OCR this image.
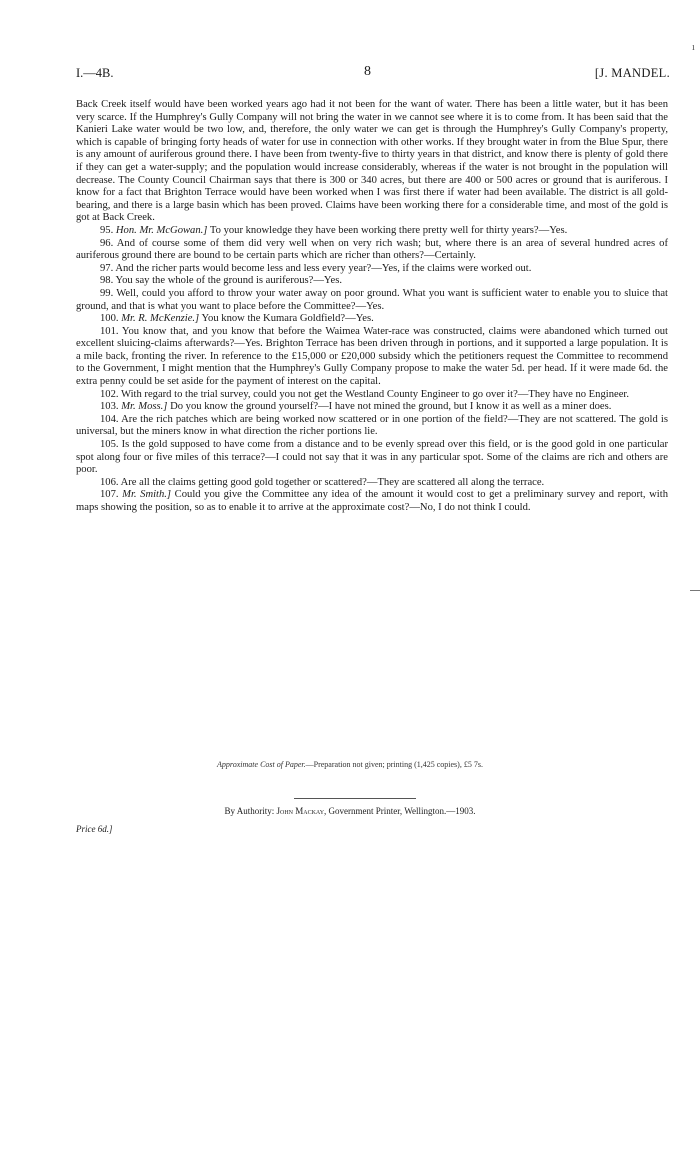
I.—4B.	8	[J. MANDEL.
ı

Back Creek itself would have been worked years ago had it not been for the want of water. There has been a little water, but it has been very scarce. If the Humphrey's Gully Company will not bring the water in we cannot see where it is to come from. It has been said that the Kanieri Lake water would be two low, and, therefore, the only water we can get is through the Humphrey's Gully Company's property, which is capable of bringing forty heads of water for use in connection with other works. If they brought water in from the Blue Spur, there is any amount of auriferous ground there. I have been from twenty-five to thirty years in that district, and know there is plenty of gold there if they can get a water-supply; and the population would increase considerably, whereas if the water is not brought in the population will decrease. The County Council Chairman says that there is 300 or 340 acres, but there are 400 or 500 acres or ground that is auriferous. I know for a fact that Brighton Terrace would have been worked when I was first there if water had been available. The district is all gold-bearing, and there is a large basin which has been proved. Claims have been working there for a considerable time, and most of the gold is got at Back Creek.

95. Hon. Mr. McGowan.] To your knowledge they have been working there pretty well for thirty years?—Yes.

96. And of course some of them did very well when on very rich wash; but, where there is an area of several hundred acres of auriferous ground there are bound to be certain parts which are richer than others?—Certainly.

97. And the richer parts would become less and less every year?—Yes, if the claims were worked out.

98. You say the whole of the ground is auriferous?—Yes.

99. Well, could you afford to throw your water away on poor ground. What you want is sufficient water to enable you to sluice that ground, and that is what you want to place before the Committee?—Yes.

100. Mr. R. McKenzie.] You know the Kumara Goldfield?—Yes.

101. You know that, and you know that before the Waimea Water-race was constructed, claims were abandoned which turned out excellent sluicing-claims afterwards?—Yes. Brighton Terrace has been driven through in portions, and it supported a large population. It is a mile back, fronting the river. In reference to the £15,000 or £20,000 subsidy which the petitioners request the Committee to recommend to the Government, I might mention that the Humphrey's Gully Company propose to make the water 5d. per head. If it were made 6d. the extra penny could be set aside for the payment of interest on the capital.

102. With regard to the trial survey, could you not get the Westland County Engineer to go over it?—They have no Engineer.

103. Mr. Moss.] Do you know the ground yourself?—I have not mined the ground, but I know it as well as a miner does.

104. Are the rich patches which are being worked now scattered or in one portion of the field?—They are not scattered. The gold is universal, but the miners know in what direction the richer portions lie.

105. Is the gold supposed to have come from a distance and to be evenly spread over this field, or is the good gold in one particular spot along four or five miles of this terrace?—I could not say that it was in any particular spot. Some of the claims are rich and others are poor.

106. Are all the claims getting good gold together or scattered?—They are scattered all along the terrace.

107. Mr. Smith.] Could you give the Committee any idea of the amount it would cost to get a preliminary survey and report, with maps showing the position, so as to enable it to arrive at the approximate cost?—No, I do not think I could.

Approximate Cost of Paper.—Preparation not given; printing (1,425 copies), £5 7s.
By Authority: John Mackay, Government Printer, Wellington.—1903.
Price 6d.]
